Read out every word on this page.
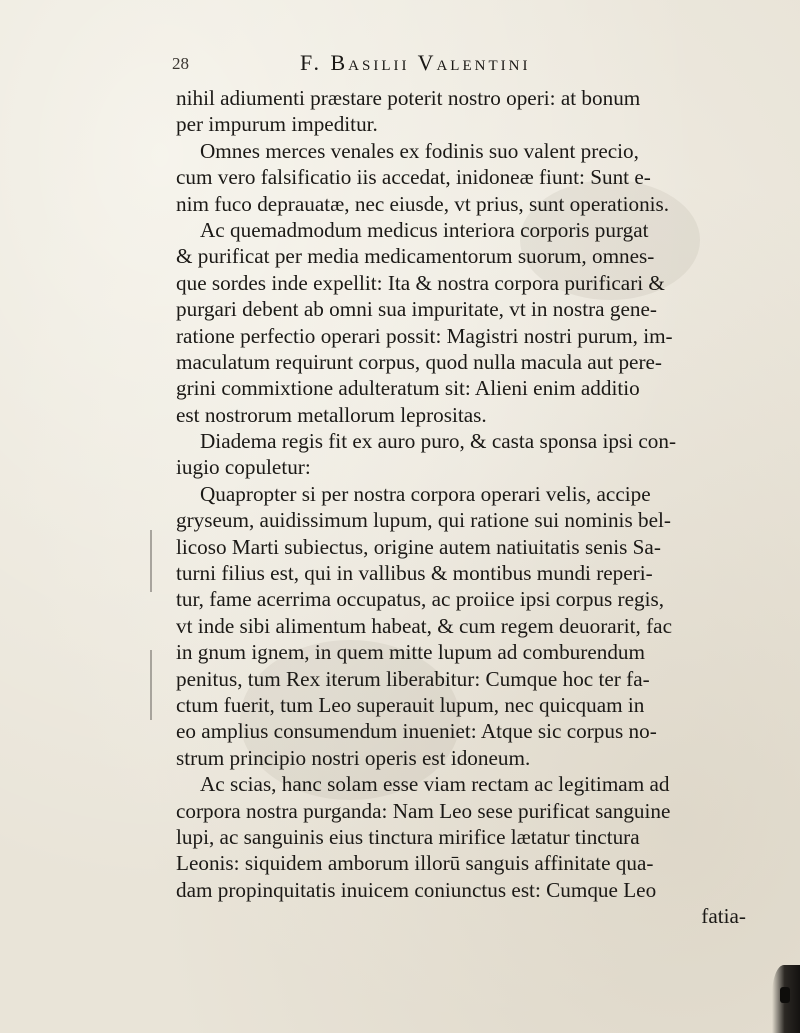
28	F. Basilii Valentini
nihil adiumenti præstare poterit nostro operi: at bonum
per impurum impeditur.
Omnes merces venales ex fodinis suo valent precio,
cum vero falsificatio iis accedat, inidoneæ fiunt: Sunt e-
nim fuco deprauatæ, nec eiusde, vt prius, sunt operationis.
Ac quemadmodum medicus interiora corporis purgat
& purificat per media medicamentorum suorum, omnes-
que sordes inde expellit: Ita & nostra corpora purificari &
purgari debent ab omni sua impuritate, vt in nostra gene-
ratione perfectio operari possit: Magistri nostri purum, im-
maculatum requirunt corpus, quod nulla macula aut pere-
grini commixtione adulteratum sit: Alieni enim additio
est nostrorum metallorum leprositas.
Diadema regis fit ex auro puro, & casta sponsa ipsi con-
iugio copuletur:
Quapropter si per nostra corpora operari velis, accipe
gryseum, auidissimum lupum, qui ratione sui nominis bel-
licoso Marti subiectus, origine autem natiuitatis senis Sa-
turni filius est, qui in vallibus & montibus mundi reperi-
tur, fame acerrima occupatus, ac proiice ipsi corpus regis,
vt inde sibi alimentum habeat, & cum regem deuorarit, fac
in gnum ignem, in quem mitte lupum ad comburendum
penitus, tum Rex iterum liberabitur: Cumque hoc ter fa-
ctum fuerit, tum Leo superauit lupum, nec quicquam in
eo amplius consumendum inueniet: Atque sic corpus no-
strum principio nostri operis est idoneum.
Ac scias, hanc solam esse viam rectam ac legitimam ad
corpora nostra purganda: Nam Leo sese purificat sanguine
lupi, ac sanguinis eius tinctura mirifice lætatur tinctura
Leonis: siquidem amborum illorū sanguis affinitate qua-
dam propinquitatis inuicem coniunctus est: Cumque Leo
fatia-
